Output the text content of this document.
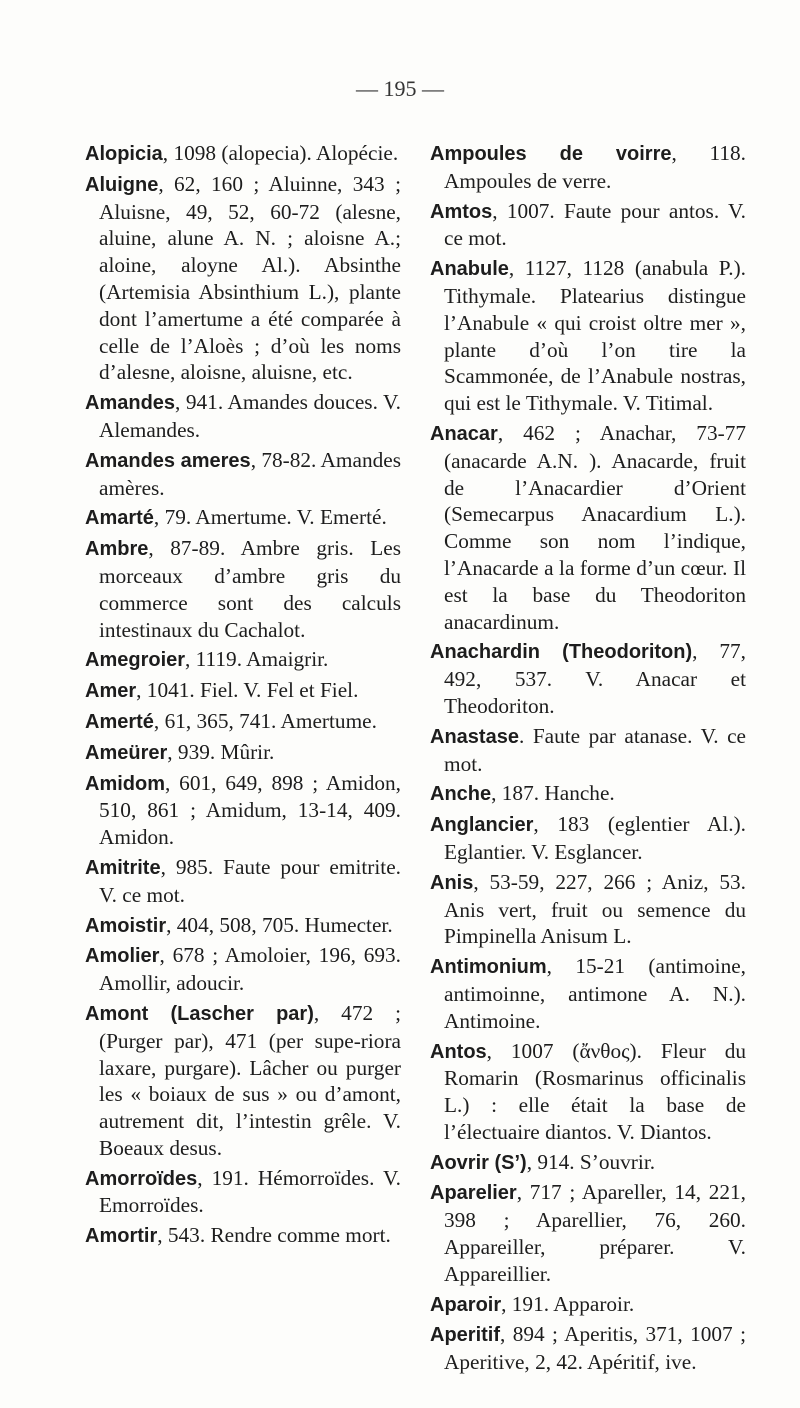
— 195 —

Alopicia, 1098 (alopecia). Alopécie.

Aluigne, 62, 160 ; Aluinne, 343 ; Aluisne, 49, 52, 60-72 (alesne, aluine, alune A. N. ; aloisne A.; aloine, aloyne Al.). Absinthe (Artemisia Absinthium L.), plante dont l’amertume a été comparée à celle de l’Aloès ; d’où les noms d’alesne, aloisne, aluisne, etc.

Amandes, 941. Amandes douces. V. Alemandes.

Amandes ameres, 78-82. Amandes amères.

Amarté, 79. Amertume. V. Emerté.

Ambre, 87-89. Ambre gris. Les morceaux d’ambre gris du commerce sont des calculs intestinaux du Cachalot.

Amegroier, 1119. Amaigrir.

Amer, 1041. Fiel. V. Fel et Fiel.

Amerté, 61, 365, 741. Amertume.

Ameürer, 939. Mûrir.

Amidom, 601, 649, 898 ; Amidon, 510, 861 ; Amidum, 13-14, 409. Amidon.

Amitrite, 985. Faute pour emitrite. V. ce mot.

Amoistir, 404, 508, 705. Humecter.

Amolier, 678 ; Amoloier, 196, 693. Amollir, adoucir.

Amont (Lascher par), 472 ; (Purger par), 471 (per supe-riora laxare, purgare). Lâcher ou purger les « boiaux de sus » ou d’amont, autrement dit, l’intestin grêle. V. Boeaux desus.

Amorroïdes, 191. Hémorroïdes. V. Emorroïdes.

Amortir, 543. Rendre comme mort.

Ampoules de voirre, 118. Ampoules de verre.

Amtos, 1007. Faute pour antos. V. ce mot.

Anabule, 1127, 1128 (anabula P.). Tithymale. Platearius distingue l’Anabule « qui croist oltre mer », plante d’où l’on tire la Scammonée, de l’Anabule nostras, qui est le Tithymale. V. Titimal.

Anacar, 462 ; Anachar, 73-77 (anacarde A.N. ). Anacarde, fruit de l’Anacardier d’Orient (Semecarpus Anacardium L.). Comme son nom l’indique, l’Anacarde a la forme d’un cœur. Il est la base du Theodoriton anacardinum.

Anachardin (Theodoriton), 77, 492, 537. V. Anacar et Theodoriton.

Anastase. Faute par atanase. V. ce mot.

Anche, 187. Hanche.

Anglancier, 183 (eglentier Al.). Eglantier. V. Esglancer.

Anis, 53-59, 227, 266 ; Aniz, 53. Anis vert, fruit ou semence du Pimpinella Anisum L.

Antimonium, 15-21 (antimoine, antimoinne, antimone A. N.). Antimoine.

Antos, 1007 (ἄνθος). Fleur du Romarin (Rosmarinus officinalis L.) : elle était la base de l’électuaire diantos. V. Diantos.

Aovrir (S’), 914. S’ouvrir.

Aparelier, 717 ; Apareller, 14, 221, 398 ; Aparellier, 76, 260. Appareiller, préparer. V. Appareillier.

Aparoir, 191. Apparoir.

Aperitif, 894 ; Aperitis, 371, 1007 ; Aperitive, 2, 42. Apéritif, ive.
